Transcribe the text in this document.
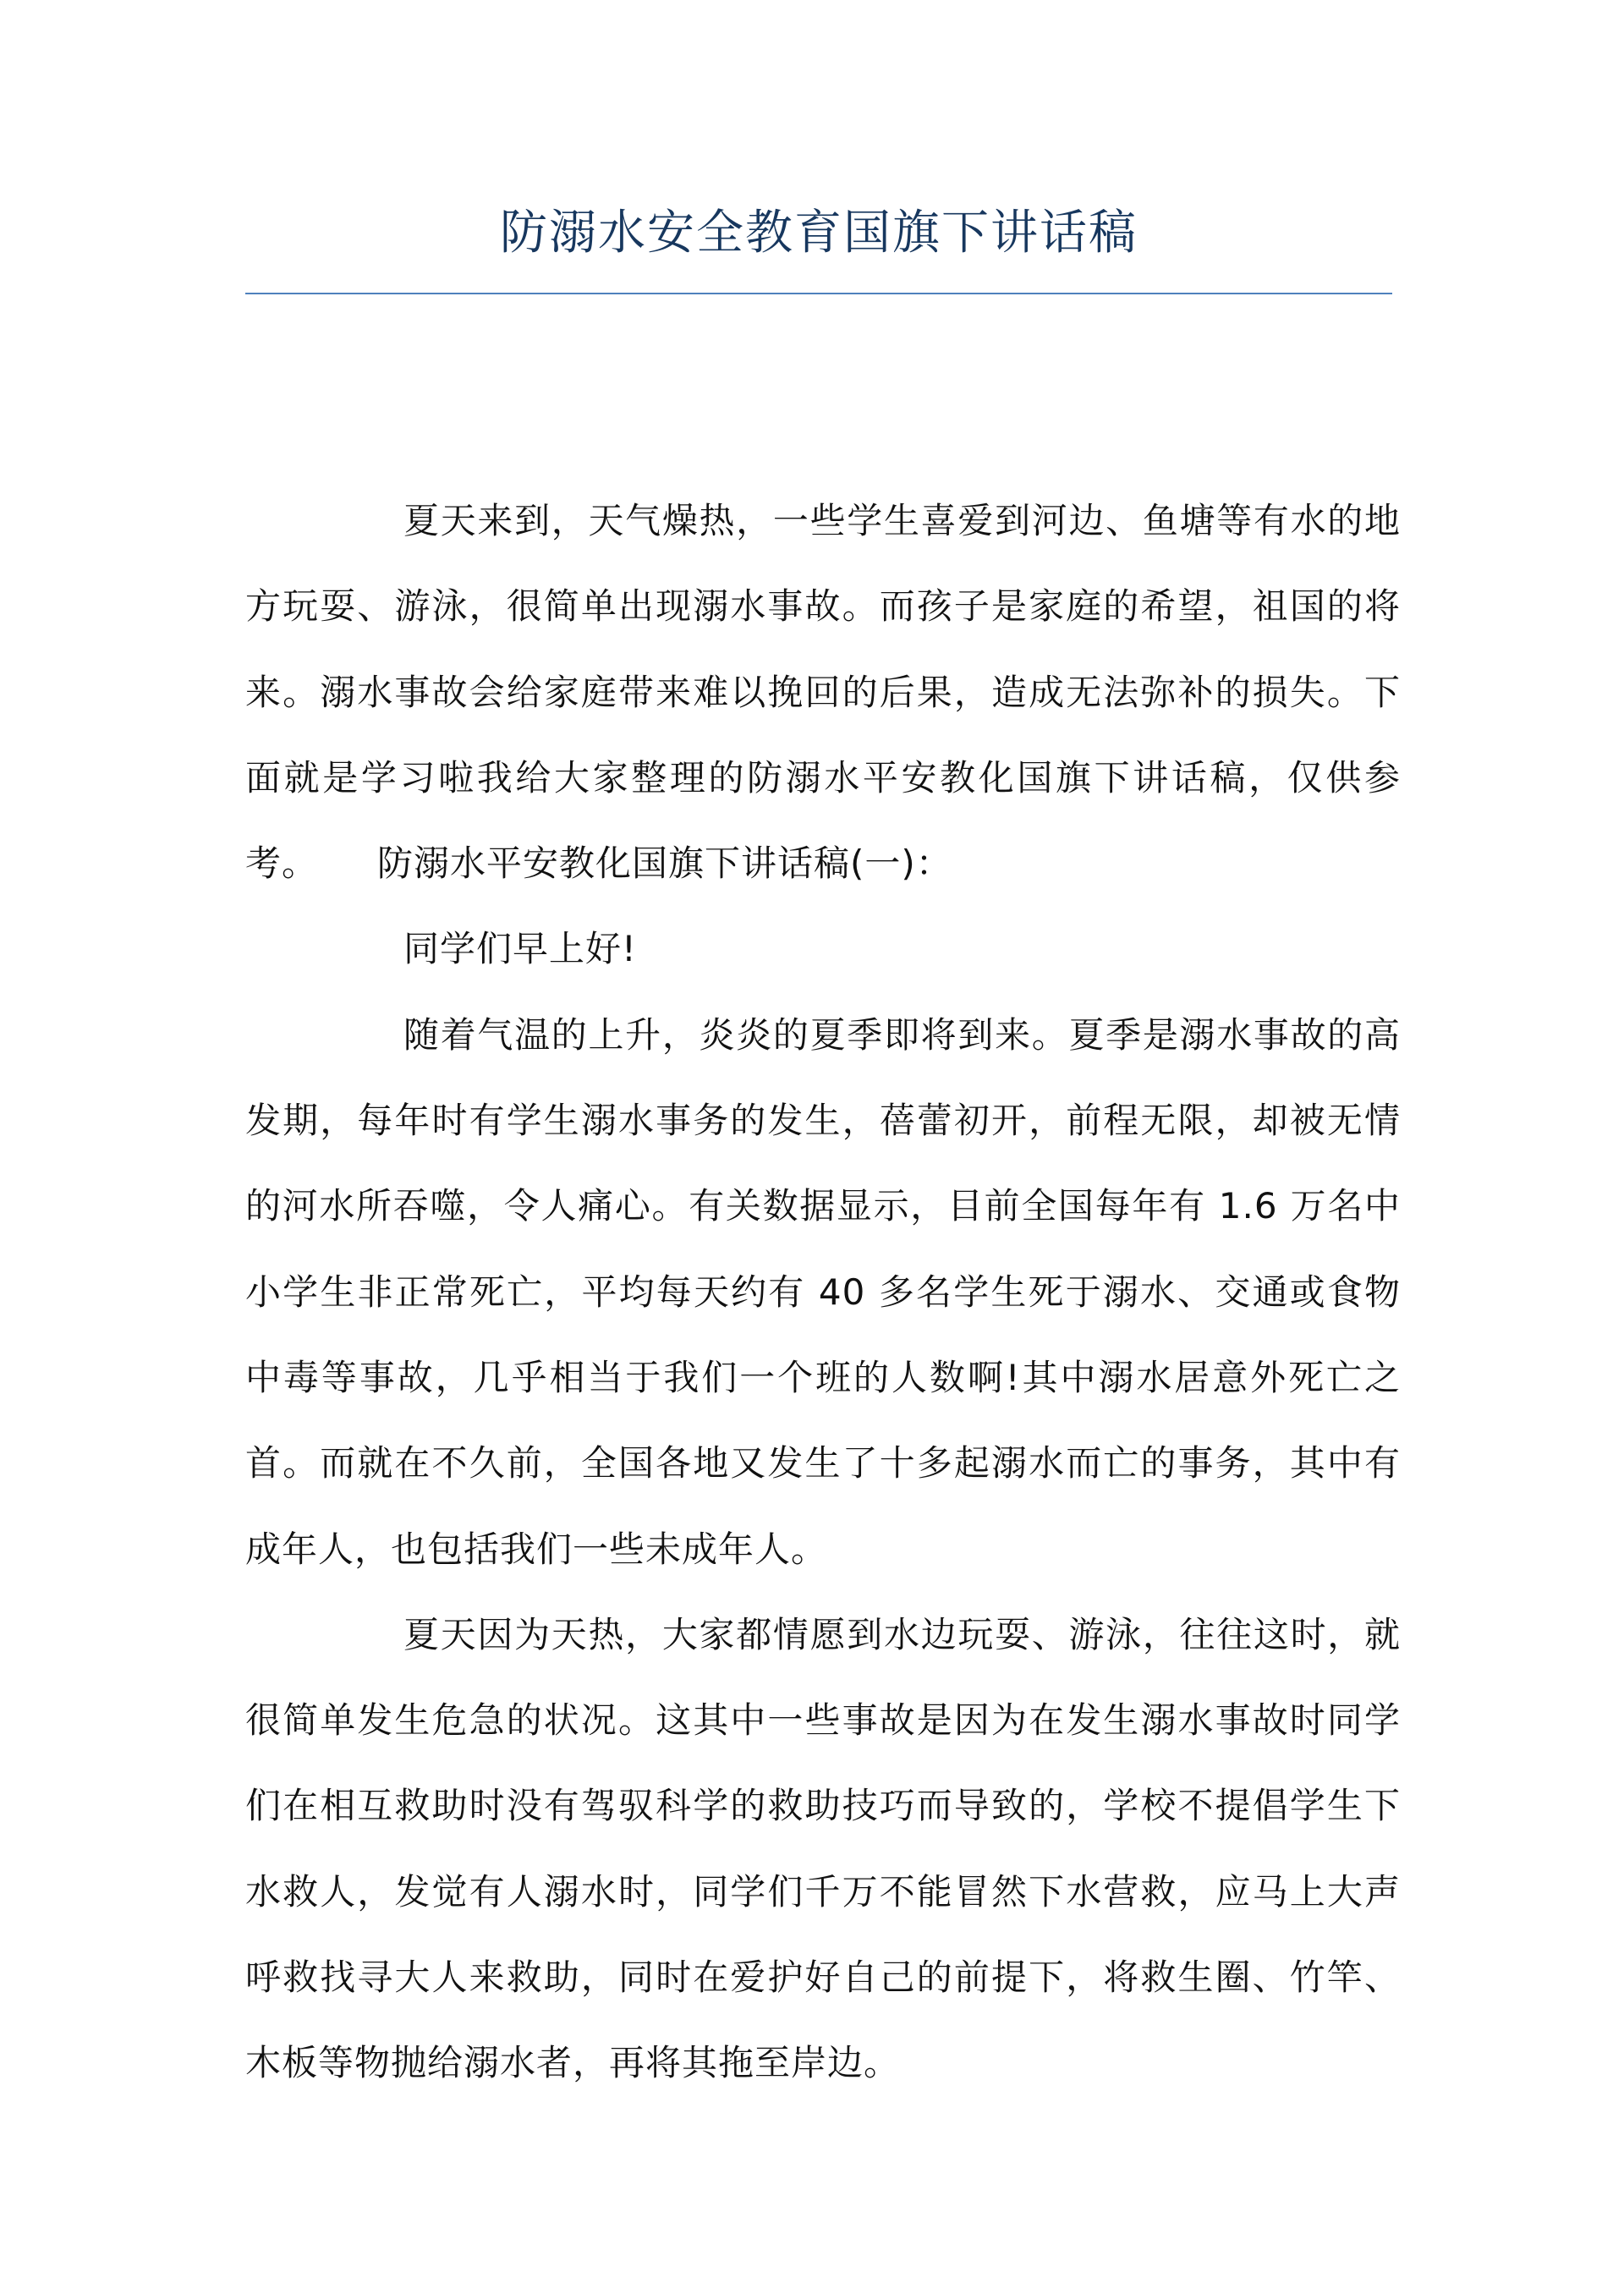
防溺水安全教育国旗下讲话稿

夏天来到，天气燥热，一些学生喜爱到河边、鱼塘等有水的地方玩耍、游泳，很简单出现溺水事故。而孩子是家庭的希望，祖国的将来。溺水事故会给家庭带来难以挽回的后果，造成无法弥补的损失。下面就是学习啦我给大家整理的防溺水平安教化国旗下讲话稿，仅供参考。 防溺水平安教化国旗下讲话稿(一)：

同学们早上好!

随着气温的上升，炎炎的夏季即将到来。夏季是溺水事故的高发期，每年时有学生溺水事务的发生，蓓蕾初开，前程无限，却被无情的河水所吞噬，令人痛心。有关数据显示，目前全国每年有 1.6 万名中小学生非正常死亡，平均每天约有 40 多名学生死于溺水、交通或食物中毒等事故，几乎相当于我们一个班的人数啊!其中溺水居意外死亡之首。而就在不久前，全国各地又发生了十多起溺水而亡的事务，其中有成年人，也包括我们一些未成年人。

夏天因为天热，大家都情愿到水边玩耍、游泳，往往这时，就很简单发生危急的状况。这其中一些事故是因为在发生溺水事故时同学们在相互救助时没有驾驭科学的救助技巧而导致的，学校不提倡学生下水救人，发觉有人溺水时，同学们千万不能冒然下水营救，应马上大声呼救找寻大人来救助，同时在爱护好自己的前提下，将救生圈、竹竿、木板等物抛给溺水者，再将其拖至岸边。
